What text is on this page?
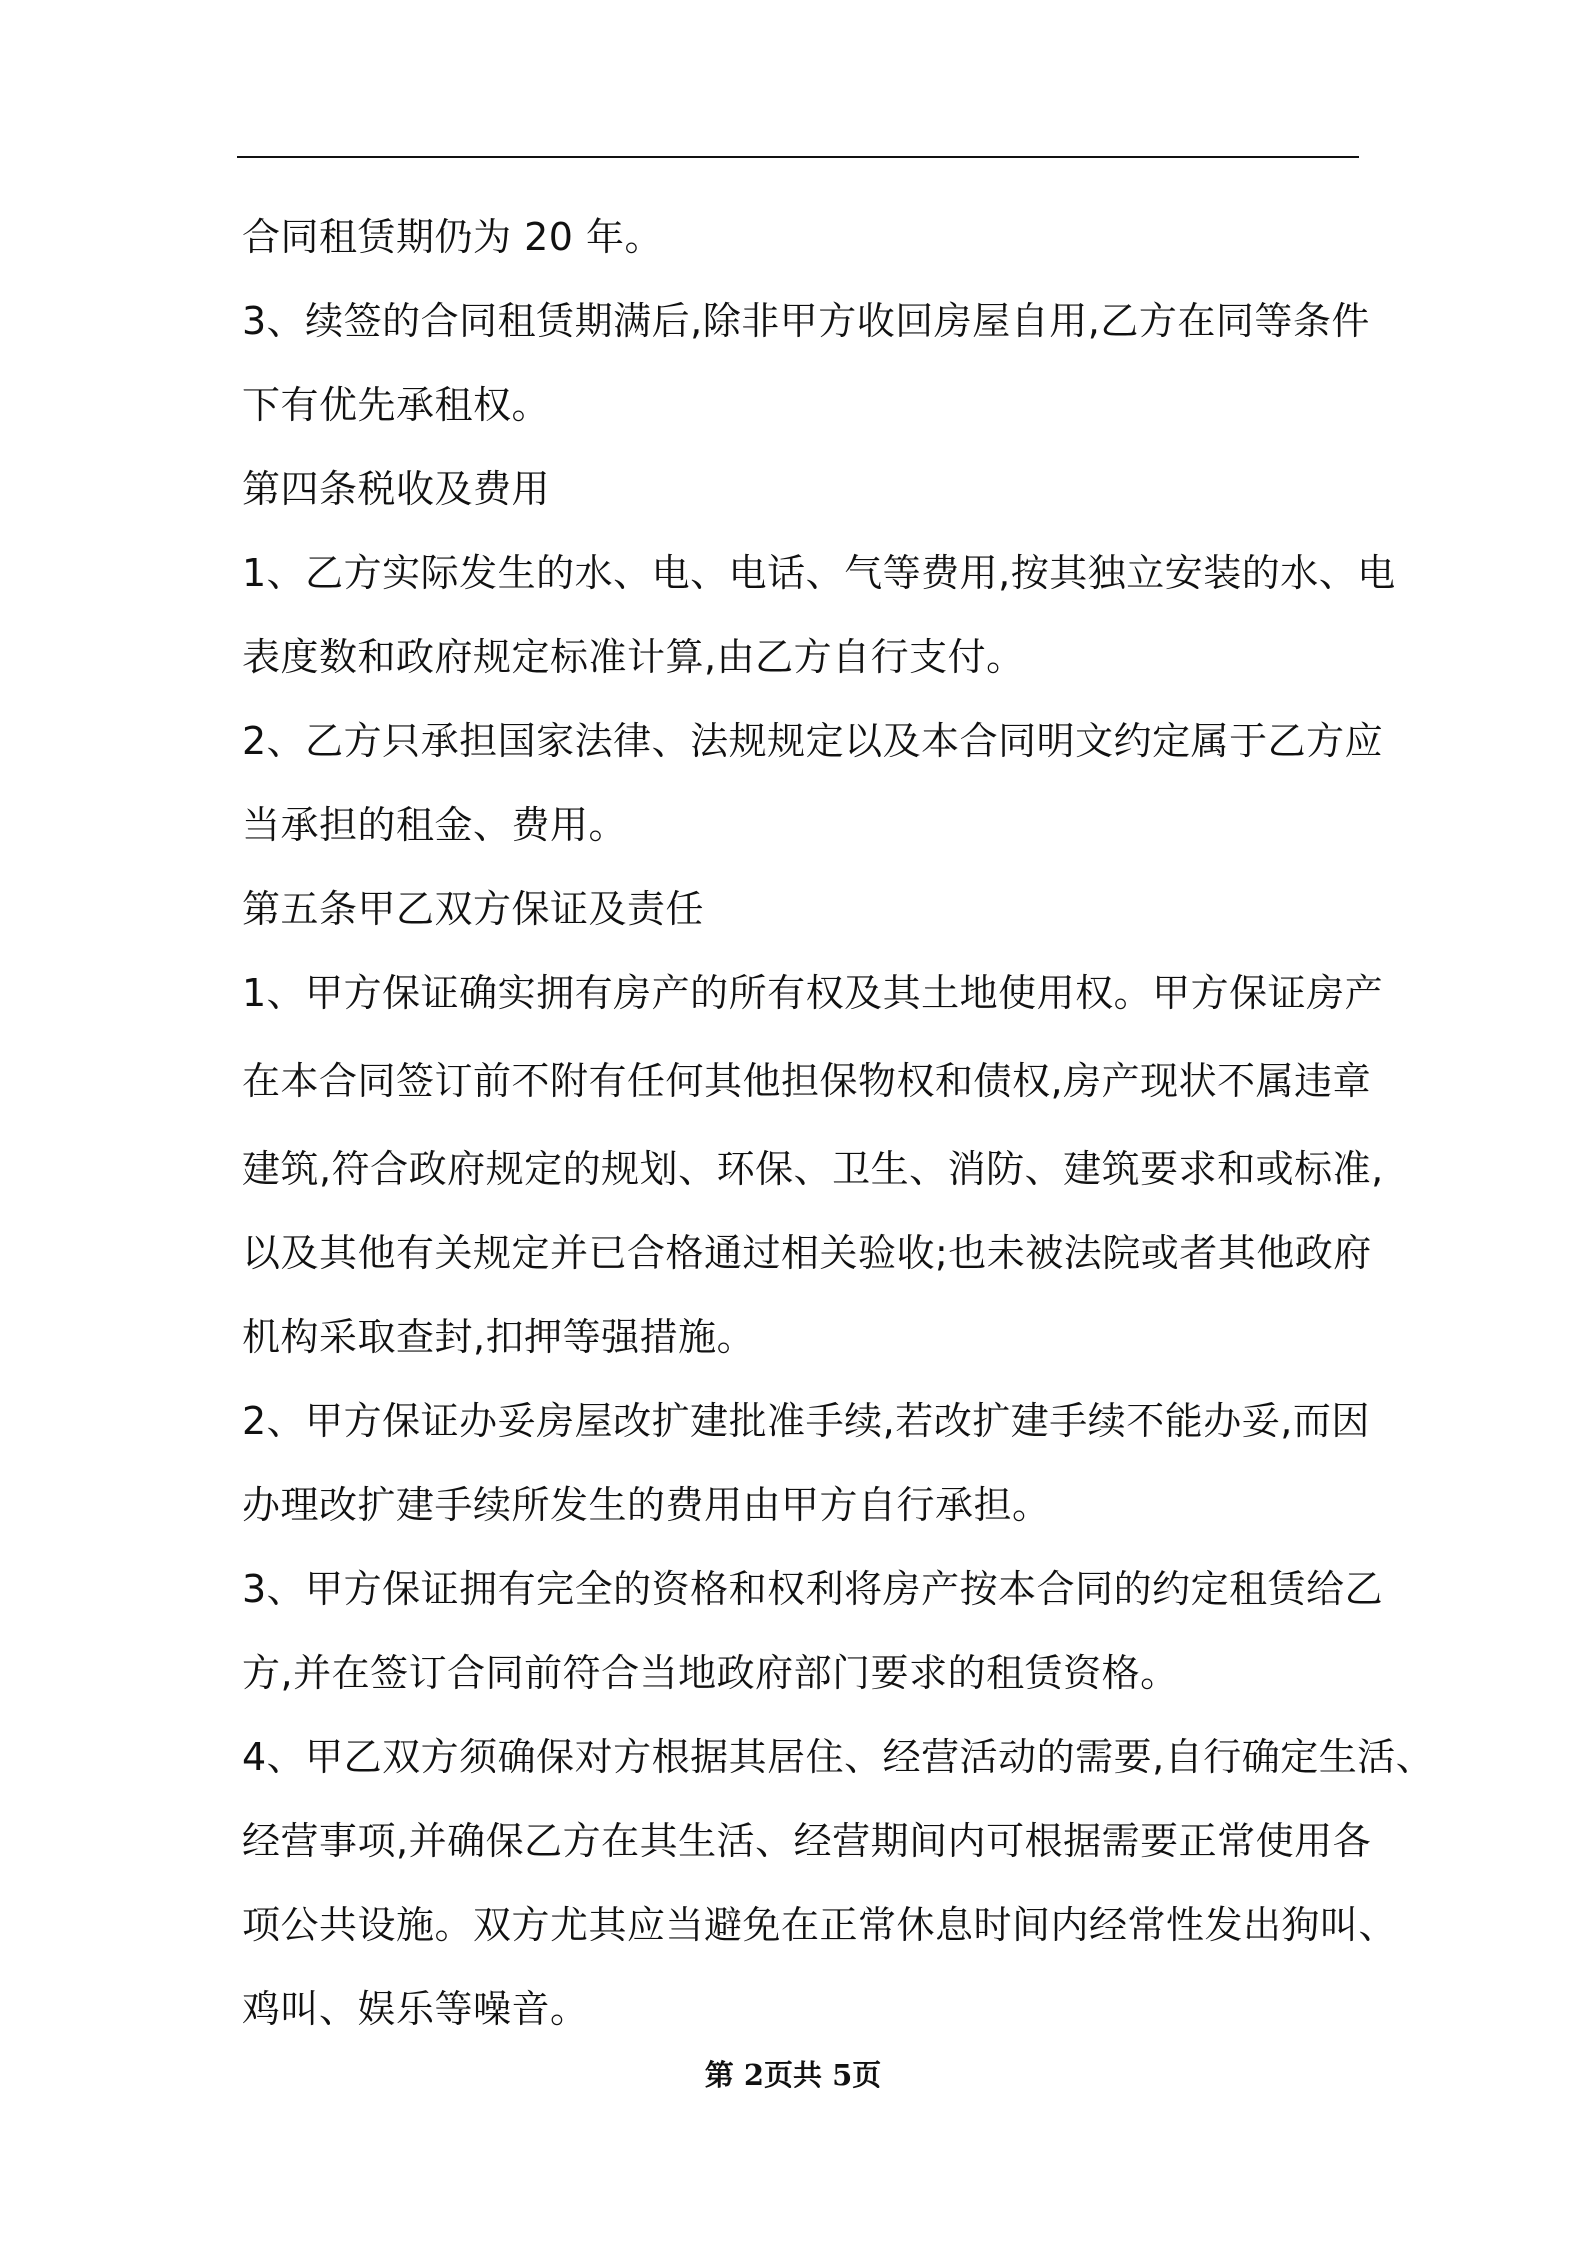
合同租赁期仍为 20 年。
3、续签的合同租赁期满后,除非甲方收回房屋自用,乙方在同等条件
下有优先承租权。
第四条税收及费用
1、乙方实际发生的水、电、电话、气等费用,按其独立安装的水、电
表度数和政府规定标准计算,由乙方自行支付。
2、乙方只承担国家法律、法规规定以及本合同明文约定属于乙方应
当承担的租金、费用。
第五条甲乙双方保证及责任
1、甲方保证确实拥有房产的所有权及其土地使用权。甲方保证房产
在本合同签订前不附有任何其他担保物权和债权,房产现状不属违章
建筑,符合政府规定的规划、环保、卫生、消防、建筑要求和或标准,
以及其他有关规定并已合格通过相关验收;也未被法院或者其他政府
机构采取查封,扣押等强措施。
2、甲方保证办妥房屋改扩建批准手续,若改扩建手续不能办妥,而因
办理改扩建手续所发生的费用由甲方自行承担。
3、甲方保证拥有完全的资格和权利将房产按本合同的约定租赁给乙
方,并在签订合同前符合当地政府部门要求的租赁资格。
4、甲乙双方须确保对方根据其居住、经营活动的需要,自行确定生活、
经营事项,并确保乙方在其生活、经营期间内可根据需要正常使用各
项公共设施。双方尤其应当避免在正常休息时间内经常性发出狗叫、
鸡叫、娱乐等噪音。
第 2页共 5页
